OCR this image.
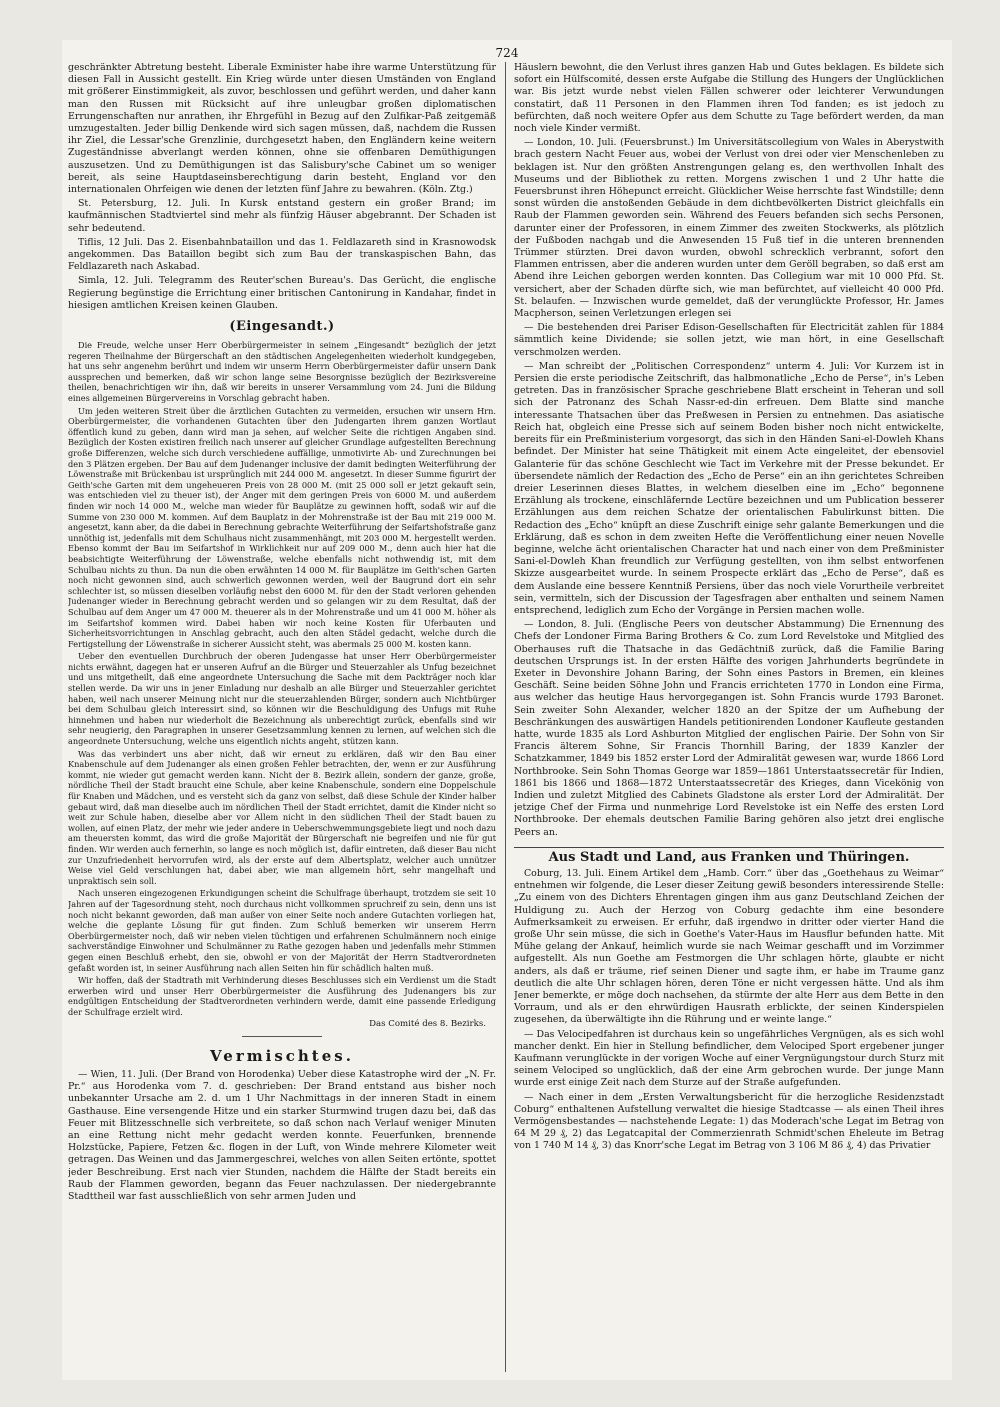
724

geschränkter Abtretung besteht. Liberale Exminister habe ihre warme Unterstützung für diesen Fall in Aussicht gestellt. Ein Krieg würde unter diesen Umständen von England mit größerer Einstimmigkeit, als zuvor, beschlossen und geführt werden, und daher kann man den Russen mit Rücksicht auf ihre unleugbar großen diplomatischen Errungenschaften nur anrathen, ihr Ehrgefühl in Bezug auf den Zulfikar-Paß zeitgemäß umzugestalten. Jeder billig Denkende wird sich sagen müssen, daß, nachdem die Russen ihr Ziel, die Lessar'sche Grenzlinie, durchgesetzt haben, den Engländern keine weitern Zugeständnisse abverlangt werden können, ohne sie offenbaren Demüthigungen auszusetzen. Und zu Demüthigungen ist das Salisbury'sche Cabinet um so weniger bereit, als seine Hauptdaseinsberechtigung darin besteht, England vor den internationalen Ohrfeigen wie denen der letzten fünf Jahre zu bewahren. (Köln. Ztg.)

St. Petersburg, 12. Juli. In Kursk entstand gestern ein großer Brand; im kaufmännischen Stadtviertel sind mehr als fünfzig Häuser abgebrannt. Der Schaden ist sehr bedeutend.

Tiflis, 12 Juli. Das 2. Eisenbahnbataillon und das 1. Feldlazareth sind in Krasnowodsk angekommen. Das Bataillon begibt sich zum Bau der transkaspischen Bahn, das Feldlazareth nach Askabad.

Simla, 12. Juli. Telegramm des Reuter'schen Bureau's. Das Gerücht, die englische Regierung begünstige die Errichtung einer britischen Cantonirung in Kandahar, findet in hiesigen amtlichen Kreisen keinen Glauben.

(Eingesandt.)

Die Freude, welche unser Herr Oberbürgermeister in seinem „Eingesandt“ bezüglich der jetzt regeren Theilnahme der Bürgerschaft an den städtischen Angelegenheiten wiederholt kundgegeben, hat uns sehr angenehm berührt und indem wir unserm Herrn Oberbürgermeister dafür unsern Dank aussprechen und bemerken, daß wir schon lange seine Besorgnisse bezüglich der Bezirksvereine theilen, benachrichtigen wir ihn, daß wir bereits in unserer Versammlung vom 24. Juni die Bildung eines allgemeinen Bürgervereins in Vorschlag gebracht haben.

Um jeden weiteren Streit über die ärztlichen Gutachten zu vermeiden, ersuchen wir unsern Hrn. Oberbürgermeister, die vorhandenen Gutachten über den Judengarten ihrem ganzen Wortlaut öffentlich kund zu geben, dann wird man ja sehen, auf welcher Seite die richtigen Angaben sind. Bezüglich der Kosten existiren freilich nach unserer auf gleicher Grundlage aufgestellten Berechnung große Differenzen, welche sich durch verschiedene auffällige, unmotivirte Ab- und Zurechnungen bei den 3 Plätzen ergeben. Der Bau auf dem Judenanger inclusive der damit bedingten Weiterführung der Löwenstraße mit Brückenbau ist ursprünglich mit 244 000 M. angesetzt. In dieser Summe figurirt der Geith'sche Garten mit dem ungeheueren Preis von 28 000 M. (mit 25 000 soll er jetzt gekauft sein, was entschieden viel zu theuer ist), der Anger mit dem geringen Preis von 6000 M. und außerdem finden wir noch 14 000 M., welche man wieder für Bauplätze zu gewinnen hofft, sodaß wir auf die Summe von 230 000 M. kommen. Auf dem Bauplatz in der Mohrenstraße ist der Bau mit 219 000 M. angesetzt, kann aber, da die dabei in Berechnung gebrachte Weiterführung der Seifartshofstraße ganz unnöthig ist, jedenfalls mit dem Schulhaus nicht zusammenhängt, mit 203 000 M. hergestellt werden. Ebenso kommt der Bau im Seifartshof in Wirklichkeit nur auf 209 000 M., denn auch hier hat die beabsichtigte Weiterführung der Löwenstraße, welche ebenfalls nicht nothwendig ist, mit dem Schulbau nichts zu thun. Da nun die oben erwähnten 14 000 M. für Bauplätze im Geith'schen Garten noch nicht gewonnen sind, auch schwerlich gewonnen werden, weil der Baugrund dort ein sehr schlechter ist, so müssen dieselben vorläufig nebst den 6000 M. für den der Stadt verloren gehenden Judenanger wieder in Berechnung gebracht werden und so gelangen wir zu dem Resultat, daß der Schulbau auf dem Anger um 47 000 M. theuerer als in der Mohrenstraße und um 41 000 M. höher als im Seifartshof kommen wird. Dabei haben wir noch keine Kosten für Uferbauten und Sicherheitsvorrichtungen in Anschlag gebracht, auch den alten Städel gedacht, welche durch die Fertigstellung der Löwenstraße in sicherer Aussicht steht, was abermals 25 000 M. kosten kann.

Ueber den eventuellen Durchbruch der oberen Judengasse hat unser Herr Oberbürgermeister nichts erwähnt, dagegen hat er unseren Aufruf an die Bürger und Steuerzahler als Unfug bezeichnet und uns mitgetheilt, daß eine angeordnete Untersuchung die Sache mit dem Packträger noch klar stellen werde. Da wir uns in jener Einladung nur deshalb an alle Bürger und Steuerzahler gerichtet haben, weil nach unserer Meinung nicht nur die steuerzahlenden Bürger, sondern auch Nichtbürger bei dem Schulbau gleich interessirt sind, so können wir die Beschuldigung des Unfugs mit Ruhe hinnehmen und haben nur wiederholt die Bezeichnung als unberechtigt zurück, ebenfalls sind wir sehr neugierig, den Paragraphen in unserer Gesetzsammlung kennen zu lernen, auf welchen sich die angeordnete Untersuchung, welche uns eigentlich nichts angeht, stützen kann.

Was das verbindert uns aber nicht, daß wir erneut zu erklären, daß wir den Bau einer Knabenschule auf dem Judenanger als einen großen Fehler betrachten, der, wenn er zur Ausführung kommt, nie wieder gut gemacht werden kann. Nicht der 8. Bezirk allein, sondern der ganze, große, nördliche Theil der Stadt braucht eine Schule, aber keine Knabenschule, sondern eine Doppelschule für Knaben und Mädchen, und es versteht sich da ganz von selbst, daß diese Schule der Kinder halber gebaut wird, daß man dieselbe auch im nördlichen Theil der Stadt errichtet, damit die Kinder nicht so weit zur Schule haben, dieselbe aber vor Allem nicht in den südlichen Theil der Stadt bauen zu wollen, auf einen Platz, der mehr wie jeder andere in Ueberschwemmungsgebiete liegt und noch dazu am theuersten kommt, das wird die große Majorität der Bürgerschaft nie begreifen und nie für gut finden. Wir werden auch fernerhin, so lange es noch möglich ist, dafür eintreten, daß dieser Bau nicht zur Unzufriedenheit hervorrufen wird, als der erste auf dem Albertsplatz, welcher auch unnützer Weise viel Geld verschlungen hat, dabei aber, wie man allgemein hört, sehr mangelhaft und unpraktisch sein soll.

Nach unseren eingezogenen Erkundigungen scheint die Schulfrage überhaupt, trotzdem sie seit 10 Jahren auf der Tagesordnung steht, noch durchaus nicht vollkommen spruchreif zu sein, denn uns ist noch nicht bekannt geworden, daß man außer von einer Seite noch andere Gutachten vorliegen hat, welche die geplante Lösung für gut finden. Zum Schluß bemerken wir unserem Herrn Oberbürgermeister noch, daß wir neben vielen tüchtigen und erfahrenen Schulmännern noch einige sachverständige Einwohner und Schulmänner zu Rathe gezogen haben und jedenfalls mehr Stimmen gegen einen Beschluß erhebt, den sie, obwohl er von der Majorität der Herrn Stadtverordneten gefaßt worden ist, in seiner Ausführung nach allen Seiten hin für schädlich halten muß.

Wir hoffen, daß der Stadtrath mit Verhinderung dieses Beschlusses sich ein Verdienst um die Stadt erwerben wird und unser Herr Oberbürgermeister die Ausführung des Judenangers bis zur endgültigen Entscheidung der Stadtverordneten verhindern werde, damit eine passende Erledigung der Schulfrage erzielt wird.

Das Comité des 8. Bezirks.
Vermischtes.

— Wien, 11. Juli. (Der Brand von Horodenka) Ueber diese Katastrophe wird der „N. Fr. Pr.“ aus Horodenka vom 7. d. geschrieben: Der Brand entstand aus bisher noch unbekannter Ursache am 2. d. um 1 Uhr Nachmittags in der inneren Stadt in einem Gasthause. Eine versengende Hitze und ein starker Sturmwind trugen dazu bei, daß das Feuer mit Blitzesschnelle sich verbreitete, so daß schon nach Verlauf weniger Minuten an eine Rettung nicht mehr gedacht werden konnte. Feuerfunken, brennende Holzstücke, Papiere, Fetzen &c. flogen in der Luft, von Winde mehrere Kilometer weit getragen. Das Weinen und das Jammergeschrei, welches von allen Seiten ertönte, spottet jeder Beschreibung. Erst nach vier Stunden, nachdem die Hälfte der Stadt bereits ein Raub der Flammen geworden, begann das Feuer nachzulassen. Der niedergebrannte Stadttheil war fast ausschließlich von sehr armen Juden und

Häuslern bewohnt, die den Verlust ihres ganzen Hab und Gutes beklagen. Es bildete sich sofort ein Hülfscomité, dessen erste Aufgabe die Stillung des Hungers der Unglücklichen war. Bis jetzt wurde nebst vielen Fällen schwerer oder leichterer Verwundungen constatirt, daß 11 Personen in den Flammen ihren Tod fanden; es ist jedoch zu befürchten, daß noch weitere Opfer aus dem Schutte zu Tage befördert werden, da man noch viele Kinder vermißt.

— London, 10. Juli. (Feuersbrunst.) Im Universitätscollegium von Wales in Aberystwith brach gestern Nacht Feuer aus, wobei der Verlust von drei oder vier Menschenleben zu beklagen ist. Nur den größten Anstrengungen gelang es, den werthvollen Inhalt des Museums und der Bibliothek zu retten. Morgens zwischen 1 und 2 Uhr hatte die Feuersbrunst ihren Höhepunct erreicht. Glücklicher Weise herrschte fast Windstille; denn sonst würden die anstoßenden Gebäude in dem dichtbevölkerten District gleichfalls ein Raub der Flammen geworden sein. Während des Feuers befanden sich sechs Personen, darunter einer der Professoren, in einem Zimmer des zweiten Stockwerks, als plötzlich der Fußboden nachgab und die Anwesenden 15 Fuß tief in die unteren brennenden Trümmer stürzten. Drei davon wurden, obwohl schrecklich verbrannt, sofort den Flammen entrissen, aber die anderen wurden unter dem Geröll begraben, so daß erst am Abend ihre Leichen geborgen werden konnten. Das Collegium war mit 10 000 Pfd. St. versichert, aber der Schaden dürfte sich, wie man befürchtet, auf vielleicht 40 000 Pfd. St. belaufen. — Inzwischen wurde gemeldet, daß der verunglückte Professor, Hr. James Macpherson, seinen Verletzungen erlegen sei

— Die bestehenden drei Pariser Edison-Gesellschaften für Electricität zahlen für 1884 sämmtlich keine Dividende; sie sollen jetzt, wie man hört, in eine Gesellschaft verschmolzen werden.

— Man schreibt der „Politischen Correspondenz“ unterm 4. Juli: Vor Kurzem ist in Persien die erste periodische Zeitschrift, das halbmonatliche „Echo de Perse“, in's Leben getreten. Das in französischer Sprache geschriebene Blatt erscheint in Teheran und soll sich der Patronanz des Schah Nassr-ed-din erfreuen. Dem Blatte sind manche interessante Thatsachen über das Preßwesen in Persien zu entnehmen. Das asiatische Reich hat, obgleich eine Presse sich auf seinem Boden bisher noch nicht entwickelte, bereits für ein Preßministerium vorgesorgt, das sich in den Händen Sani-el-Dowleh Khans befindet. Der Minister hat seine Thätigkeit mit einem Acte eingeleitet, der ebensoviel Galanterie für das schöne Geschlecht wie Tact im Verkehre mit der Presse bekundet. Er übersendete nämlich der Redaction des „Echo de Perse“ ein an ihn gerichtetes Schreiben dreier Leserinnen dieses Blattes, in welchem dieselben eine im „Echo“ begonnene Erzählung als trockene, einschläfernde Lectüre bezeichnen und um Publication besserer Erzählungen aus dem reichen Schatze der orientalischen Fabulirkunst bitten. Die Redaction des „Echo“ knüpft an diese Zuschrift einige sehr galante Bemerkungen und die Erklärung, daß es schon in dem zweiten Hefte die Veröffentlichung einer neuen Novelle beginne, welche ächt orientalischen Character hat und nach einer von dem Preßminister Sani-el-Dowleh Khan freundlich zur Verfügung gestellten, von ihm selbst entworfenen Skizze ausgearbeitet wurde. In seinem Prospecte erklärt das „Echo de Perse“, daß es dem Auslande eine bessere Kenntniß Persiens, über das noch viele Vorurtheile verbreitet sein, vermitteln, sich der Discussion der Tagesfragen aber enthalten und seinem Namen entsprechend, lediglich zum Echo der Vorgänge in Persien machen wolle.

— London, 8. Juli. (Englische Peers von deutscher Abstammung) Die Ernennung des Chefs der Londoner Firma Baring Brothers & Co. zum Lord Revelstoke und Mitglied des Oberhauses ruft die Thatsache in das Gedächtniß zurück, daß die Familie Baring deutschen Ursprungs ist. In der ersten Hälfte des vorigen Jahrhunderts begründete in Exeter in Devonshire Johann Baring, der Sohn eines Pastors in Bremen, ein kleines Geschäft. Seine beiden Söhne John und Francis errichteten 1770 in London eine Firma, aus welcher das heutige Haus hervorgegangen ist. Sohn Francis wurde 1793 Baronet. Sein zweiter Sohn Alexander, welcher 1820 an der Spitze der um Aufhebung der Beschränkungen des auswärtigen Handels petitionirenden Londoner Kaufleute gestanden hatte, wurde 1835 als Lord Ashburton Mitglied der englischen Pairie. Der Sohn von Sir Francis älterem Sohne, Sir Francis Thornhill Baring, der 1839 Kanzler der Schatzkammer, 1849 bis 1852 erster Lord der Admiralität gewesen war, wurde 1866 Lord Northbrooke. Sein Sohn Thomas George war 1859—1861 Unterstaatssecretär für Indien, 1861 bis 1866 und 1868—1872 Unterstaatssecretär des Krieges, dann Vicekönig von Indien und zuletzt Mitglied des Cabinets Gladstone als erster Lord der Admiralität. Der jetzige Chef der Firma und nunmehrige Lord Revelstoke ist ein Neffe des ersten Lord Northbrooke. Der ehemals deutschen Familie Baring gehören also jetzt drei englische Peers an.

Aus Stadt und Land, aus Franken und Thüringen.

Coburg, 13. Juli. Einem Artikel dem „Hamb. Corr.“ über das „Goethehaus zu Weimar“ entnehmen wir folgende, die Leser dieser Zeitung gewiß besonders interessirende Stelle: „Zu einem von des Dichters Ehrentagen gingen ihm aus ganz Deutschland Zeichen der Huldigung zu. Auch der Herzog von Coburg gedachte ihm eine besondere Aufmerksamkeit zu erweisen. Er erfuhr, daß irgendwo in dritter oder vierter Hand die große Uhr sein müsse, die sich in Goethe's Vater-Haus im Hausflur befunden hatte. Mit Mühe gelang der Ankauf, heimlich wurde sie nach Weimar geschafft und im Vorzimmer aufgestellt. Als nun Goethe am Festmorgen die Uhr schlagen hörte, glaubte er nicht anders, als daß er träume, rief seinen Diener und sagte ihm, er habe im Traume ganz deutlich die alte Uhr schlagen hören, deren Töne er nicht vergessen hätte. Und als ihm Jener bemerkte, er möge doch nachsehen, da stürmte der alte Herr aus dem Bette in den Vorraum, und als er den ehrwürdigen Hausrath erblickte, der seinen Kinderspielen zugesehen, da überwältigte ihn die Rührung und er weinte lange.“

— Das Velocipedfahren ist durchaus kein so ungefährliches Vergnügen, als es sich wohl mancher denkt. Ein hier in Stellung befindlicher, dem Velociped Sport ergebener junger Kaufmann verunglückte in der vorigen Woche auf einer Vergnügungstour durch Sturz mit seinem Velociped so unglücklich, daß der eine Arm gebrochen wurde. Der junge Mann wurde erst einige Zeit nach dem Sturze auf der Straße aufgefunden.

— Nach einer in dem „Ersten Verwaltungsbericht für die herzogliche Residenzstadt Coburg“ enthaltenen Aufstellung verwaltet die hiesige Stadtcasse — als einen Theil ihres Vermögensbestandes — nachstehende Legate: 1) das Moderach'sche Legat im Betrag von 64 M 29 ₰, 2) das Legatcapital der Commerzienrath Schmidt'schen Eheleute im Betrag von 1 740 M 14 ₰, 3) das Knorr'sche Legat im Betrag von 3 106 M 86 ₰, 4) das Privatier
